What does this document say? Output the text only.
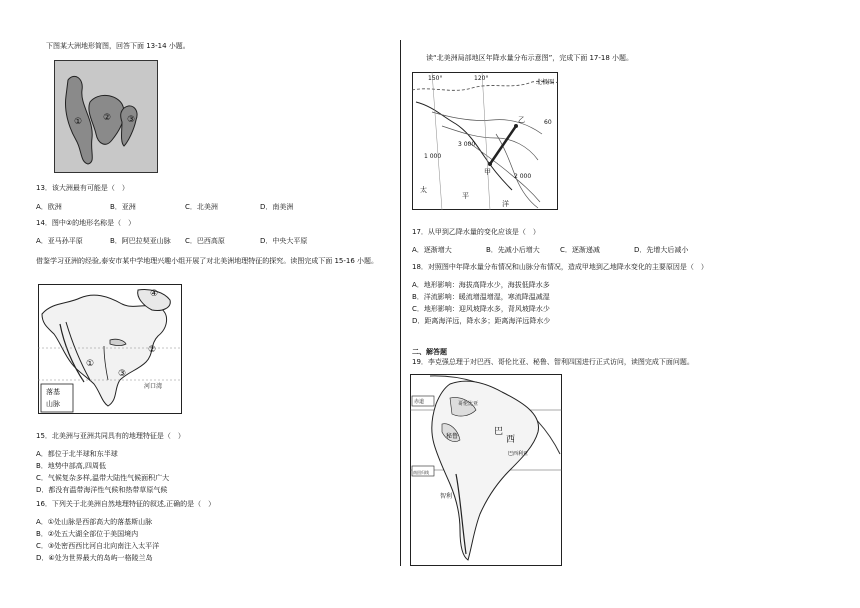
下图某大洲地形简图，回答下面 13-14 小题。
① ② ③
13．该大洲最有可能是（　）
A．欧洲	B．亚洲	C．北美洲	D．南美洲
14．图中②的地形名称是（　）
A．亚马孙平原	B．阿巴拉契亚山脉 C．巴西高原	D．中央大平原
借鉴学习亚洲的经验,泰安市某中学地理兴趣小组开展了对北美洲地理特征的探究。读图完成下面 15-16 小题。
①
②
③
④
河口湾
落基
山脉
15．北美洲与亚洲共同具有的地理特征是（　）
A．都位于北半球和东半球
B．地势中部高,四周低
C．气候复杂多样,温带大陆性气候面积广大
D．都没有温带海洋性气候和热带草原气候
16．下列关于北美洲自然地理特征的叙述,正确的是（　）
A．①处山脉是西部高大的落基斯山脉
B．②处五大湖全部位于美国境内
C．③处密西西比河自北向南注入太平洋
D．④处为世界最大的岛屿一格陵兰岛
读“北美洲局部地区年降水量分布示意图”，完成下面 17-18 小题。
150°	120°
北极圈
60
3 000
1 000
2 000
甲
乙
太
平
洋
17．从甲到乙降水量的变化应该是（　）
A．逐渐增大	B．先减小后增大	C．逐渐递减	D．先增大后减小
18．对照图中年降水量分布情况和山脉分布情况，造成甲地到乙地降水变化的主要原因是（　）
A．地形影响：海拔高降水少，海拔低降水多
B．洋流影响：暖流增温增湿，寒流降温减湿
C．地形影响：迎风坡降水多，背风坡降水少
D．距离海洋远，降水多；距离海洋远降水少
二、解答题
19．李克强总理于对巴西、哥伦比亚、秘鲁、智利四国进行正式访问，读图完成下面问题。
哥伦比亚
秘鲁	巴
西
巴西利亚
智利
赤道
南回归线
